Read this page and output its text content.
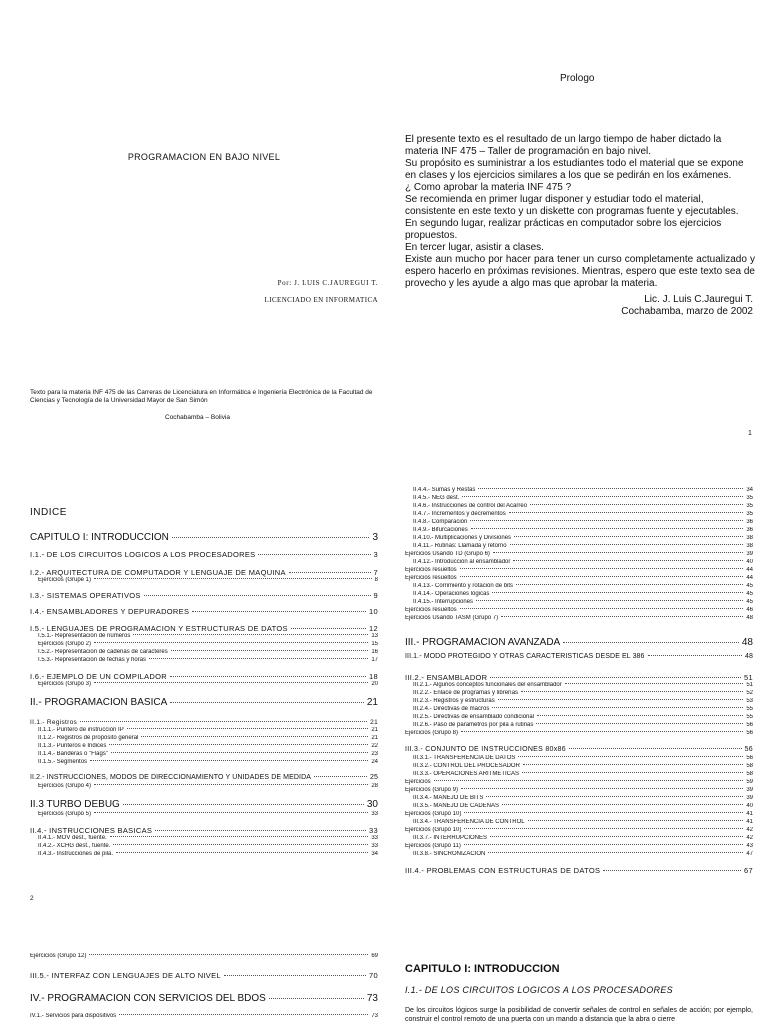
PROGRAMACION EN BAJO NIVEL
Por: J. LUIS C.JAUREGUI T.
LICENCIADO EN INFORMATICA
Texto para la materia INF 475 de las Carreras de Licenciatura en Informática e Ingeniería Electrónica de la Facultad de Ciencias y Tecnología de la Universidad Mayor de San Simón
Cochabamba – Bolivia
Prologo

El presente texto es el resultado de un largo tiempo de haber dictado la materia INF 475 – Taller de programación en bajo nivel.

Su propósito es suministrar a los estudiantes todo el material que se expone en clases y los ejercicios similares a los que se pedirán en los exámenes.

¿ Como aprobar la materia INF 475 ?

Se recomienda en primer lugar disponer y estudiar todo el material, consistente en este texto y un diskette con programas fuente y ejecutables.

En segundo lugar, realizar prácticas en computador sobre los ejercicios propuestos.

En tercer lugar, asistir a clases.

Existe aun mucho por hacer para tener un curso completamente actualizado y espero hacerlo en próximas revisiones. Mientras, espero que este texto sea de provecho y les ayude a algo mas que aprobar la materia.

Lic. J. Luis C.Jauregui T.
Cochabamba, marzo de 2002
1
INDICE
CAPITULO I: INTRODUCCION	3
I.1.- DE LOS CIRCUITOS LOGICOS A LOS PROCESADORES	3
I.2.- ARQUITECTURA DE COMPUTADOR Y LENGUAJE DE MAQUINA	7
Ejercicios (Grupe 1)	8
I.3.- SISTEMAS OPERATIVOS	9
I.4.- ENSAMBLADORES Y DEPURADORES	10
I.5.- LENGUAJES DE PROGRAMACION Y ESTRUCTURAS DE DATOS	12
I.5.1.- Representación de números	13
Ejercicios (Grupo 2)	15
I.5.2.- Representación de cadenas de caracteres	16
I.5.3.- Representación de fechas y horas	17
I.6.- EJEMPLO DE UN COMPILADOR	18
Ejercicios (Grupo 3)	20
II.- PROGRAMACION BASICA	21
II.1.- Registros	21
II.1.1.- Puntero de instrucción IP	21
II.1.2.- Registros de propósito general	21
II.1.3.- Punteros e Indices	22
II.1.4.- Banderas o "Flags"	23
II.1.5.- Segmentos	24
II.2.- INSTRUCCIONES, MODOS DE DIRECCIONAMIENTO Y UNIDADES DE MEDIDA	25
Ejercicios (Grupo 4)	28
II.3 TURBO DEBUG	30
Ejercicios (Grupo 5)	33
II.4.- INSTRUCCIONES BASICAS	33
II.4.1.- MOV dest., fuente.	33
II.4.2.- XCHG dest., fuente.	33
II.4.3.- Instrucciones de pila.	34
2
II.4.4.- Sumas y Restas	34
II.4.5.- NEG dest.	35
II.4.6.- Instrucciones de control del Acarreo	35
II.4.7.- Incrementos y decrementos	35
II.4.8.- Comparación	36
II.4.9.- Bifurcaciones	36
II.4.10.- Multiplicaciones y Divisiones	38
II.4.11.- Rutinas: Llamada y retorno	38
Ejercicios Usando TD (Grupo 6)	39
II.4.12.- Introducción al ensamblador	40
Ejercicios resueltos	44
Ejercicios resueltos	44
II.4.13.- Corrimiento y rotación de bits	45
II.4.14.- Operaciones lógicas	45
II.4.15.- Interrupciones	45
Ejercicios resueltos	46
Ejercicios Usando TASM (Grupo 7)	48
III.- PROGRAMACION AVANZADA	48
III.1.- MODO PROTEGIDO Y OTRAS CARACTERISTICAS DESDE EL 386	48
III.2.- ENSAMBLADOR	51
III.2.1.- Algunos conceptos funcionales del ensamblador	51
III.2.2.- Enlace de programas y librerías	52
III.2.3.- Registros y estructuras	53
III.2.4.- Directivas de macros	55
III.2.5.- Directivas de ensamblado condicional	55
III.2.6.- Paso de parametros por pila a rutinas	56
Ejercicios (Grupo 8)	56
III.3.- CONJUNTO DE INSTRUCCIONES 80x86	56
III.3.1.- TRANSFERENCIA DE DATOS	56
III.3.2.- CONTROL DEL PROCESADOR	58
III.3.3.- OPERACIONES ARITMETICAS	58
Ejercicios	59
Ejercicios (Grupo 9)	39
III.3.4.- MANEJO DE BITS	39
III.3.5.- MANEJO DE CADENAS	40
Ejercicios (Grupo 10)	41
III.3.4.- TRANSFERENCIA DE CONTROL	41
Ejercicios (Grupo 10)	42
III.3.7.- INTERRUPCIONES	42
Ejercicios (Grupo 11)	43
III.3.8.- SINCRONIZACION	47
III.4.- PROBLEMAS CON ESTRUCTURAS DE DATOS	67
Ejercicios (Grupo 12)	69
III.5.- INTERFAZ CON LENGUAJES DE ALTO NIVEL	70
IV.- PROGRAMACION CON SERVICIOS DEL BDOS	73
IV.1.- Servicios para dispositivos	73
CAPITULO I: INTRODUCCION
I.1.- DE LOS CIRCUITOS LOGICOS A LOS PROCESADORES
De los circuitos lógicos surge la posibilidad de convertir señales de control en señales de acción; por ejemplo, construir el control remoto de una puerta con un mando a distancia que la abra o cierre
